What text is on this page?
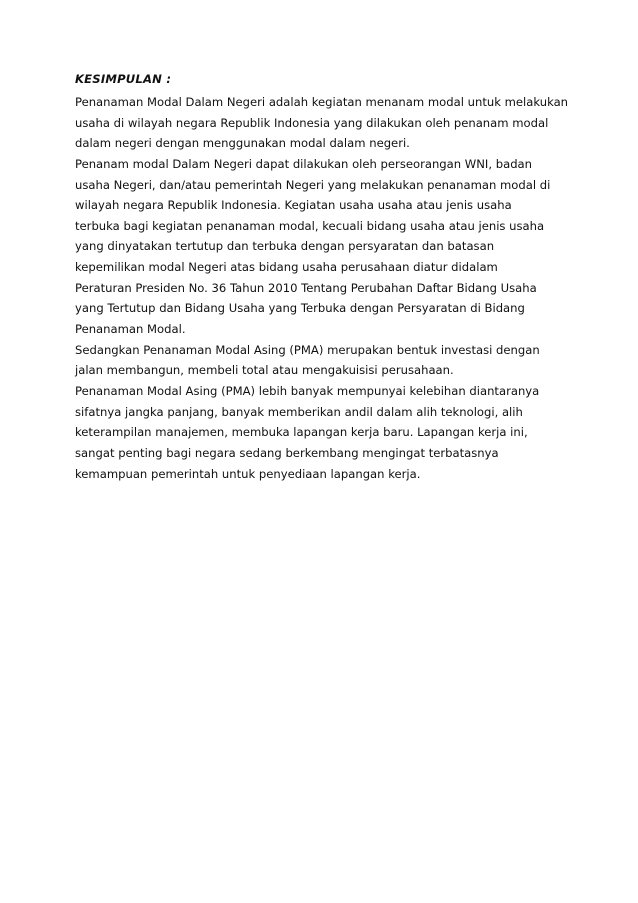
KESIMPULAN :
Penanaman Modal Dalam Negeri adalah kegiatan menanam modal untuk melakukan
usaha di wilayah negara Republik Indonesia yang dilakukan oleh penanam modal
dalam negeri dengan menggunakan modal dalam negeri.
Penanam modal Dalam Negeri dapat dilakukan oleh perseorangan WNI, badan
usaha Negeri, dan/atau pemerintah Negeri yang melakukan penanaman modal di
wilayah negara Republik Indonesia. Kegiatan usaha usaha atau jenis usaha
terbuka bagi kegiatan penanaman modal, kecuali bidang usaha atau jenis usaha
yang dinyatakan tertutup dan terbuka dengan persyaratan dan batasan
kepemilikan modal Negeri atas bidang usaha perusahaan diatur didalam
Peraturan Presiden No. 36 Tahun 2010 Tentang Perubahan Daftar Bidang Usaha
yang Tertutup dan Bidang Usaha yang Terbuka dengan Persyaratan di Bidang
Penanaman Modal.
Sedangkan Penanaman Modal Asing (PMA) merupakan bentuk investasi dengan
jalan membangun, membeli total atau mengakuisisi perusahaan.
Penanaman Modal Asing (PMA) lebih banyak mempunyai kelebihan diantaranya
sifatnya jangka panjang, banyak memberikan andil dalam alih teknologi, alih
keterampilan manajemen, membuka lapangan kerja baru. Lapangan kerja ini,
sangat penting bagi negara sedang berkembang mengingat terbatasnya
kemampuan pemerintah untuk penyediaan lapangan kerja.
